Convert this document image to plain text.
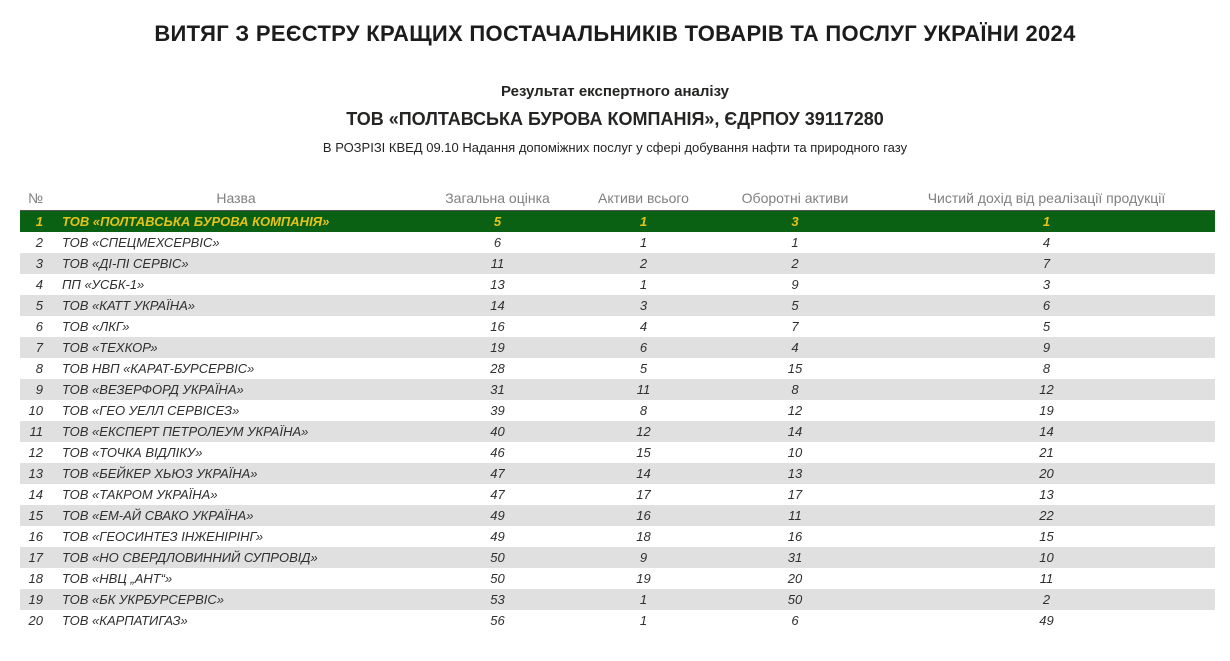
ВИТЯГ З РЕЄСТРУ КРАЩИХ ПОСТАЧАЛЬНИКІВ ТОВАРІВ ТА ПОСЛУГ УКРАЇНИ 2024
Результат експертного аналізу
ТОВ «ПОЛТАВСЬКА БУРОВА КОМПАНІЯ», ЄДРПОУ 39117280
В РОЗРІЗІ КВЕД 09.10 Надання допоміжних послуг у сфері добування нафти та природного газу
№	Назва	Загальна оцінка	Активи всього	Оборотні активи	Чистий дохід від реалізації продукції
1	ТОВ «ПОЛТАВСЬКА БУРОВА КОМПАНІЯ»	5	1	3	1
2	ТОВ «СПЕЦМЕХСЕРВІС»	6	1	1	4
3	ТОВ «ДІ-ПІ СЕРВІС»	11	2	2	7
4	ПП «УСБК-1»	13	1	9	3
5	ТОВ «КАТТ УКРАЇНА»	14	3	5	6
6	ТОВ «ЛКГ»	16	4	7	5
7	ТОВ «ТЕХКОР»	19	6	4	9
8	ТОВ НВП «КАРАТ-БУРСЕРВІС»	28	5	15	8
9	ТОВ «ВЕЗЕРФОРД УКРАЇНА»	31	11	8	12
10	ТОВ «ГЕО УЕЛЛ СЕРВІСЕЗ»	39	8	12	19
11	ТОВ «ЕКСПЕРТ ПЕТРОЛЕУМ УКРАЇНА»	40	12	14	14
12	ТОВ «ТОЧКА ВІДЛІКУ»	46	15	10	21
13	ТОВ «БЕЙКЕР ХЬЮЗ УКРАЇНА»	47	14	13	20
14	ТОВ «ТАКРОМ УКРАЇНА»	47	17	17	13
15	ТОВ «ЕМ-АЙ СВАКО УКРАЇНА»	49	16	11	22
16	ТОВ «ГЕОСИНТЕЗ ІНЖЕНІРІНГ»	49	18	16	15
17	ТОВ «НО СВЕРДЛОВИННИЙ СУПРОВІД»	50	9	31	10
18	ТОВ «НВЦ „АНТ“»	50	19	20	11
19	ТОВ «БК УКРБУРСЕРВІС»	53	1	50	2
20	ТОВ «КАРПАТИГАЗ»	56	1	6	49
